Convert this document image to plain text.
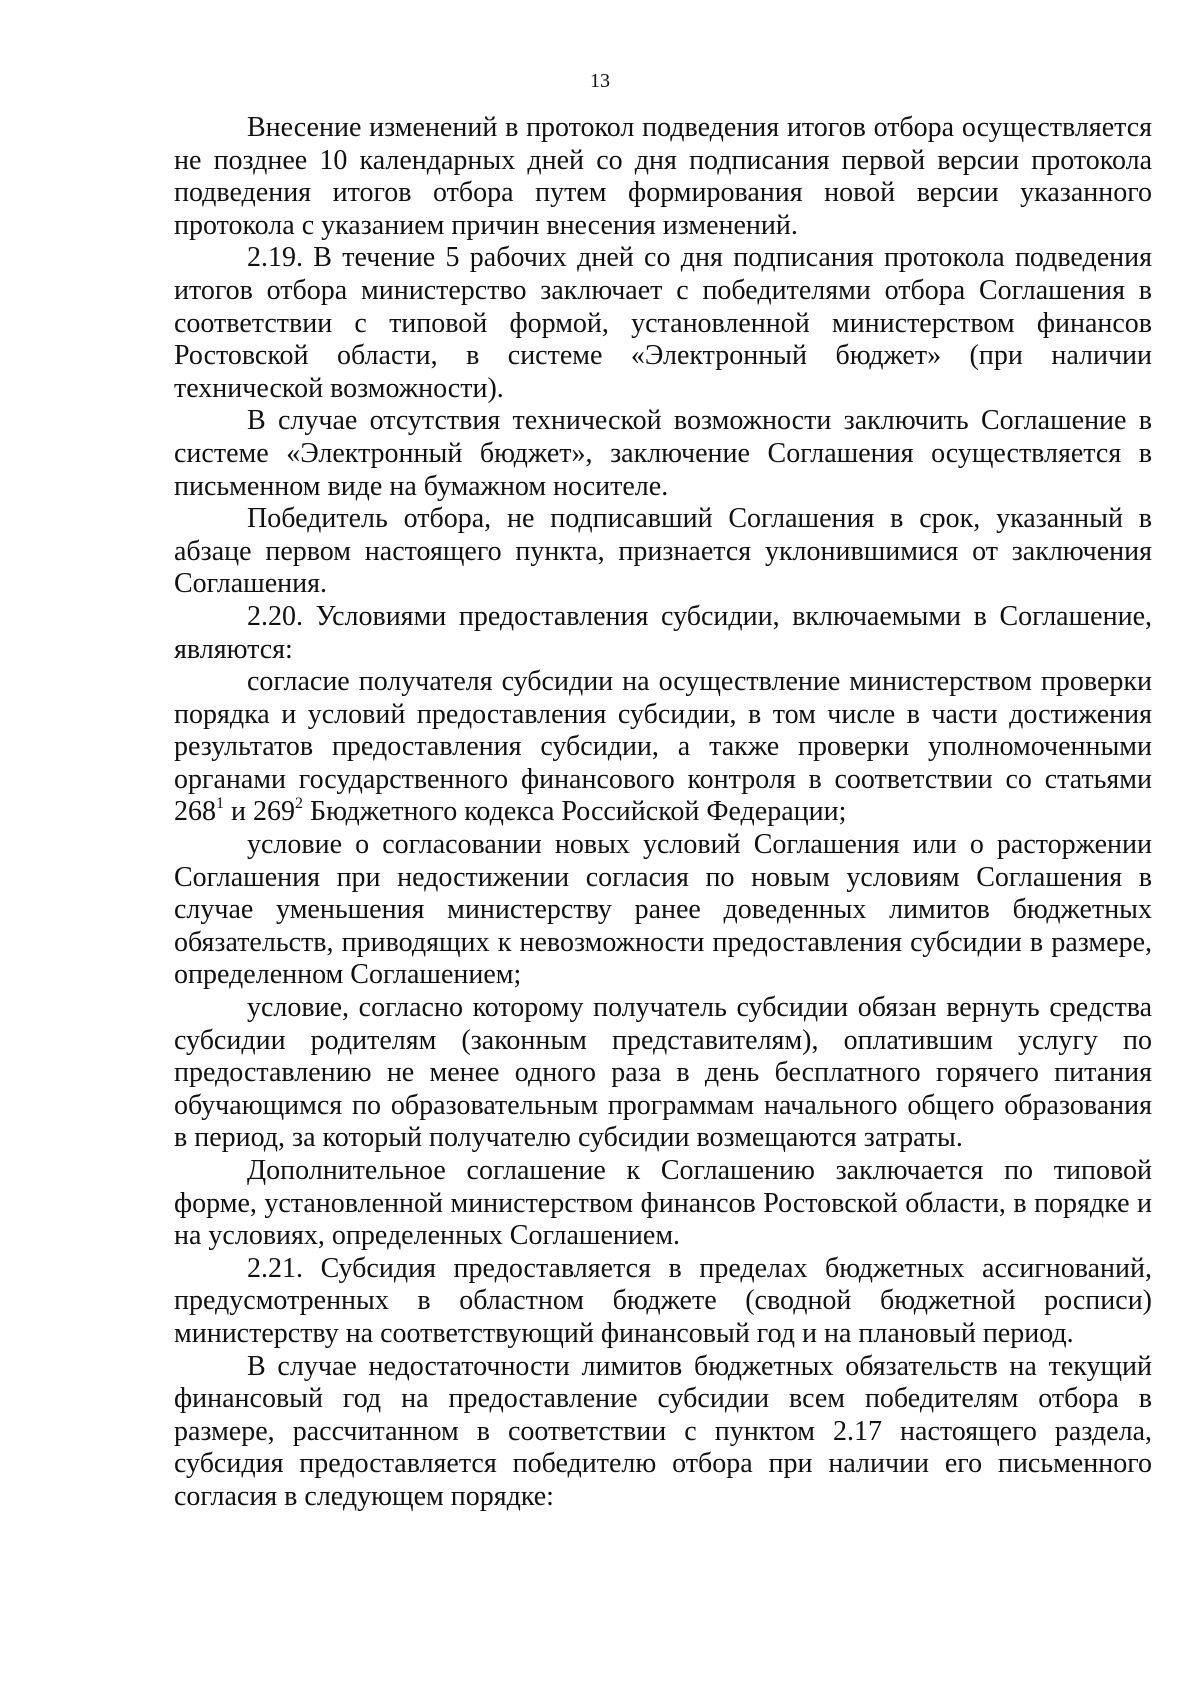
13

Внесение изменений в протокол подведения итогов отбора осуществляется не позднее 10 календарных дней со дня подписания первой версии протокола подведения итогов отбора путем формирования новой версии указанного протокола с указанием причин внесения изменений.

2.19. В течение 5 рабочих дней со дня подписания протокола подведения итогов отбора министерство заключает с победителями отбора Соглашения в соответствии с типовой формой, установленной министерством финансов Ростовской области, в системе «Электронный бюджет» (при наличии технической возможности).

В случае отсутствия технической возможности заключить Соглашение в системе «Электронный бюджет», заключение Соглашения осуществляется в письменном виде на бумажном носителе.

Победитель отбора, не подписавший Соглашения в срок, указанный в абзаце первом настоящего пункта, признается уклонившимися от заключения Соглашения.

2.20. Условиями предоставления субсидии, включаемыми в Соглашение, являются:

согласие получателя субсидии на осуществление министерством проверки порядка и условий предоставления субсидии, в том числе в части достижения результатов предоставления субсидии, а также проверки уполномоченными органами государственного финансового контроля в соответствии со статьями $268^1$ и $269^2$ Бюджетного кодекса Российской Федерации;

условие о согласовании новых условий Соглашения или о расторжении Соглашения при недостижении согласия по новым условиям Соглашения в случае уменьшения министерству ранее доведенных лимитов бюджетных обязательств, приводящих к невозможности предоставления субсидии в размере, определенном Соглашением;

условие, согласно которому получатель субсидии обязан вернуть средства субсидии родителям (законным представителям), оплатившим услугу по предоставлению не менее одного раза в день бесплатного горячего питания обучающимся по образовательным программам начального общего образования в период, за который получателю субсидии возмещаются затраты.

Дополнительное соглашение к Соглашению заключается по типовой форме, установленной министерством финансов Ростовской области, в порядке и на условиях, определенных Соглашением.

2.21. Субсидия предоставляется в пределах бюджетных ассигнований, предусмотренных в областном бюджете (сводной бюджетной росписи) министерству на соответствующий финансовый год и на плановый период.

В случае недостаточности лимитов бюджетных обязательств на текущий финансовый год на предоставление субсидии всем победителям отбора в размере, рассчитанном в соответствии с пунктом 2.17 настоящего раздела, субсидия предоставляется победителю отбора при наличии его письменного согласия в следующем порядке:
